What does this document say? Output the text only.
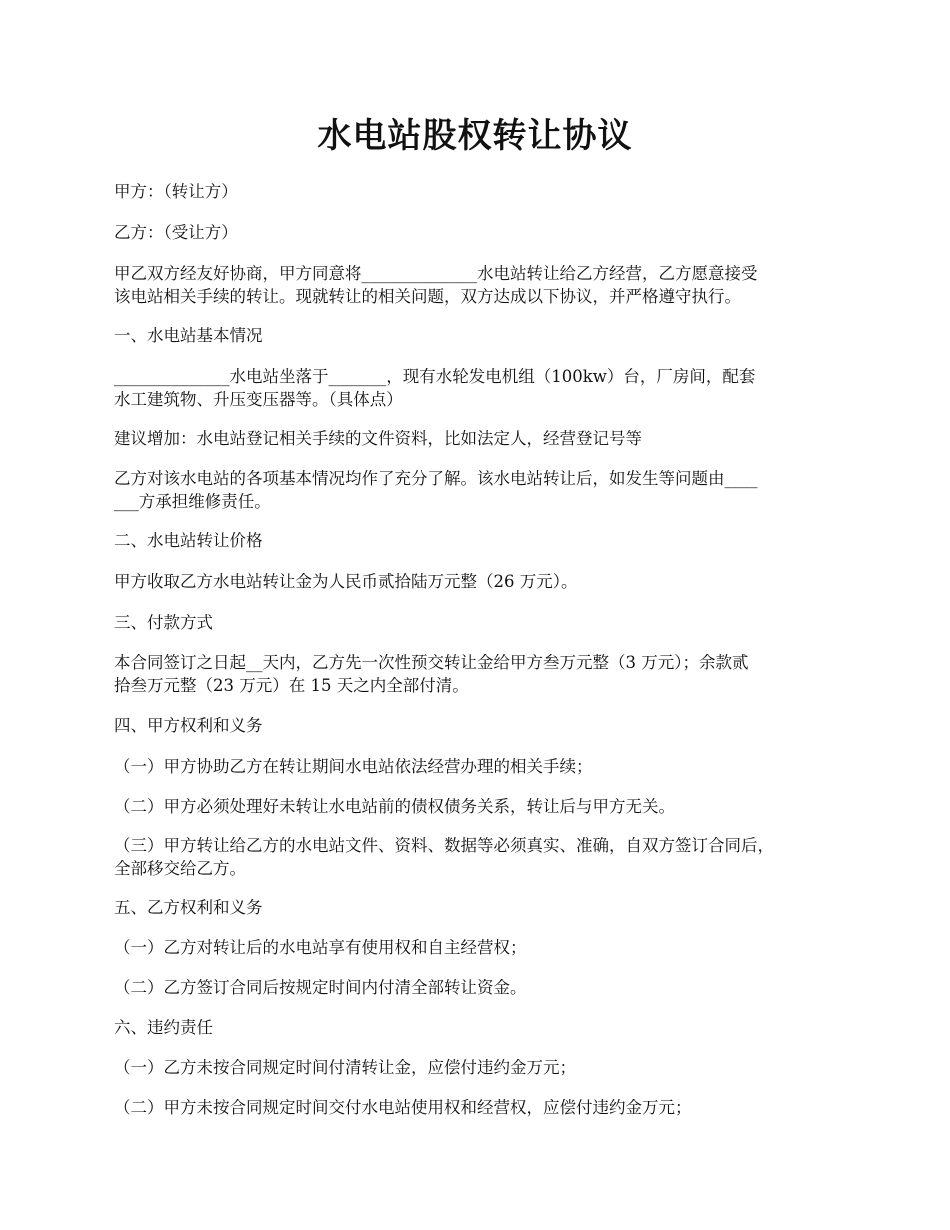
水电站股权转让协议
甲方：（转让方）
乙方：（受让方）
甲乙双方经友好协商，甲方同意将______________水电站转让给乙方经营，乙方愿意接受
该电站相关手续的转让。现就转让的相关问题，双方达成以下协议，并严格遵守执行。
一、水电站基本情况
______________水电站坐落于_______，现有水轮发电机组（100kw）台，厂房间，配套
水工建筑物、升压变压器等。（具体点）
建议增加：水电站登记相关手续的文件资料，比如法定人，经营登记号等
乙方对该水电站的各项基本情况均作了充分了解。该水电站转让后，如发生等问题由____
___方承担维修责任。
二、水电站转让价格
甲方收取乙方水电站转让金为人民币贰拾陆万元整（26 万元）。
三、付款方式
本合同签订之日起__天内，乙方先一次性预交转让金给甲方叁万元整（3 万元）；余款贰
拾叁万元整（23 万元）在 15 天之内全部付清。
四、甲方权利和义务
（一）甲方协助乙方在转让期间水电站依法经营办理的相关手续；
（二）甲方必须处理好未转让水电站前的债权债务关系，转让后与甲方无关。
（三）甲方转让给乙方的水电站文件、资料、数据等必须真实、准确，自双方签订合同后，
全部移交给乙方。
五、乙方权利和义务
（一）乙方对转让后的水电站享有使用权和自主经营权；
（二）乙方签订合同后按规定时间内付清全部转让资金。
六、违约责任
（一）乙方未按合同规定时间付清转让金，应偿付违约金万元；
（二）甲方未按合同规定时间交付水电站使用权和经营权，应偿付违约金万元；
